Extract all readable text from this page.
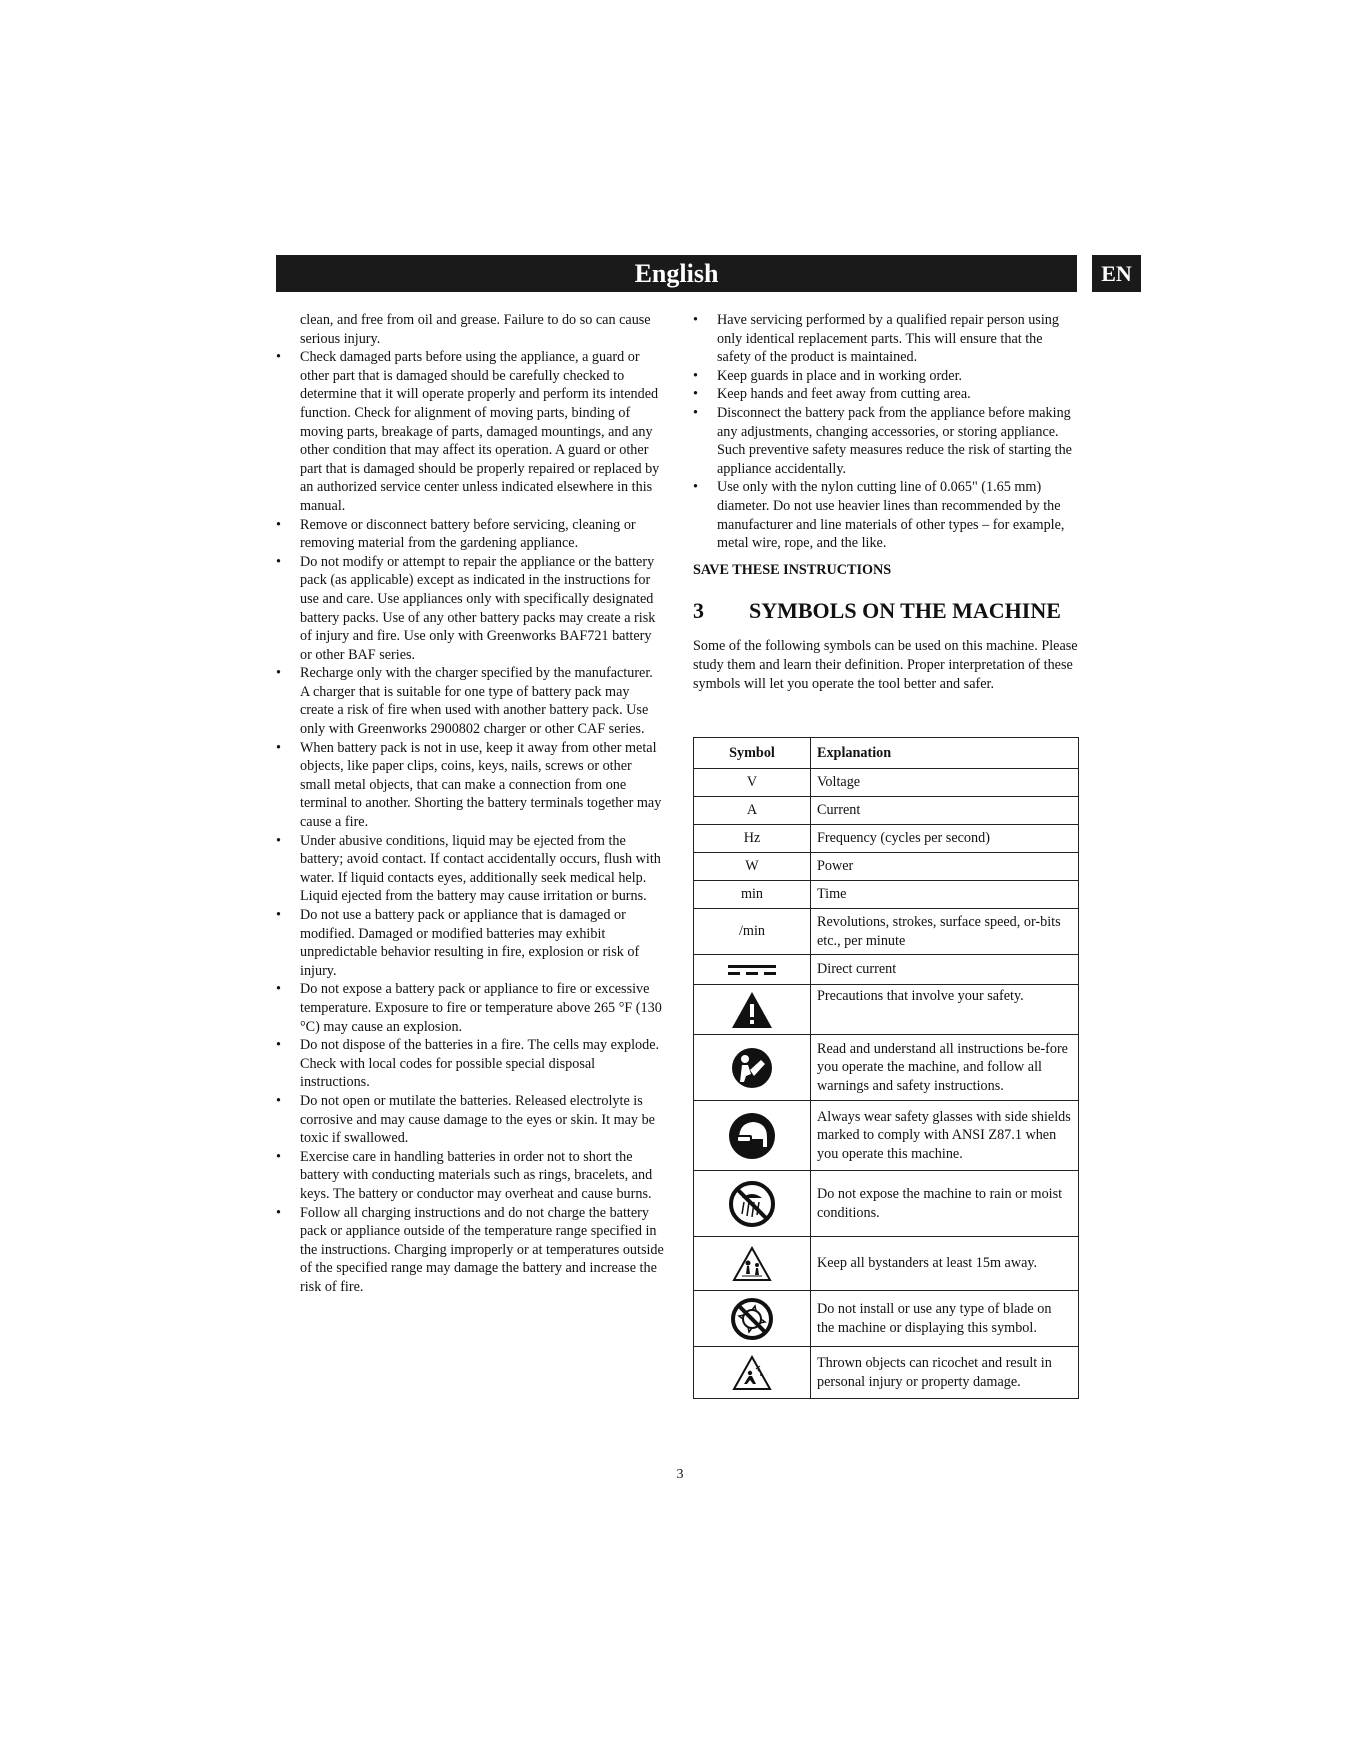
English	EN

clean, and free from oil and grease. Failure to do so can cause serious injury.

• Check damaged parts before using the appliance, a guard or other part that is damaged should be carefully checked to determine that it will operate properly and perform its intended function. Check for alignment of moving parts, binding of moving parts, breakage of parts, damaged mountings, and any other condition that may affect its operation. A guard or other part that is damaged should be properly repaired or replaced by an authorized service center unless indicated elsewhere in this manual.
• Remove or disconnect battery before servicing, cleaning or removing material from the gardening appliance.
• Do not modify or attempt to repair the appliance or the battery pack (as applicable) except as indicated in the instructions for use and care. Use appliances only with specifically designated battery packs. Use of any other battery packs may create a risk of injury and fire. Use only with Greenworks BAF721 battery or other BAF series.
• Recharge only with the charger specified by the manufacturer. A charger that is suitable for one type of battery pack may create a risk of fire when used with another battery pack. Use only with Greenworks 2900802 charger or other CAF series.
• When battery pack is not in use, keep it away from other metal objects, like paper clips, coins, keys, nails, screws or other small metal objects, that can make a connection from one terminal to another. Shorting the battery terminals together may cause a fire.
• Under abusive conditions, liquid may be ejected from the battery; avoid contact. If contact accidentally occurs, flush with water. If liquid contacts eyes, additionally seek medical help. Liquid ejected from the battery may cause irritation or burns.
• Do not use a battery pack or appliance that is damaged or modified. Damaged or modified batteries may exhibit unpredictable behavior resulting in fire, explosion or risk of injury.
• Do not expose a battery pack or appliance to fire or excessive temperature. Exposure to fire or temperature above 265 °F (130 °C) may cause an explosion.
• Do not dispose of the batteries in a fire. The cells may explode. Check with local codes for possible special disposal instructions.
• Do not open or mutilate the batteries. Released electrolyte is corrosive and may cause damage to the eyes or skin. It may be toxic if swallowed.
• Exercise care in handling batteries in order not to short the battery with conducting materials such as rings, bracelets, and keys. The battery or conductor may overheat and cause burns.
• Follow all charging instructions and do not charge the battery pack or appliance outside of the temperature range specified in the instructions. Charging improperly or at temperatures outside of the specified range may damage the battery and increase the risk of fire.
• Have servicing performed by a qualified repair person using only identical replacement parts. This will ensure that the safety of the product is maintained.
• Keep guards in place and in working order.
• Keep hands and feet away from cutting area.
• Disconnect the battery pack from the appliance before making any adjustments, changing accessories, or storing appliance. Such preventive safety measures reduce the risk of starting the appliance accidentally.
• Use only with the nylon cutting line of 0.065" (1.65 mm) diameter. Do not use heavier lines than recommended by the manufacturer and line materials of other types – for example, metal wire, rope, and the like.

SAVE THESE INSTRUCTIONS

3	SYMBOLS ON THE MACHINE

Some of the following symbols can be used on this machine. Please study them and learn their definition. Proper interpretation of these symbols will let you operate the tool better and safer.

Symbol	Explanation
V	Voltage
A	Current
Hz	Frequency (cycles per second)
W	Power
min	Time
/min	Revolutions, strokes, surface speed, or-bits etc., per minute

	Direct current

	Precautions that involve your safety.

	Read and understand all instructions be-fore you operate the machine, and follow all warnings and safety instructions.

	Always wear safety glasses with side shields marked to comply with ANSI Z87.1 when you operate this machine.

	Do not expose the machine to rain or moist conditions.

	Keep all bystanders at least 15m away.

	Do not install or use any type of blade on the machine or displaying this symbol.

	Thrown objects can ricochet and result in personal injury or property damage.
3
